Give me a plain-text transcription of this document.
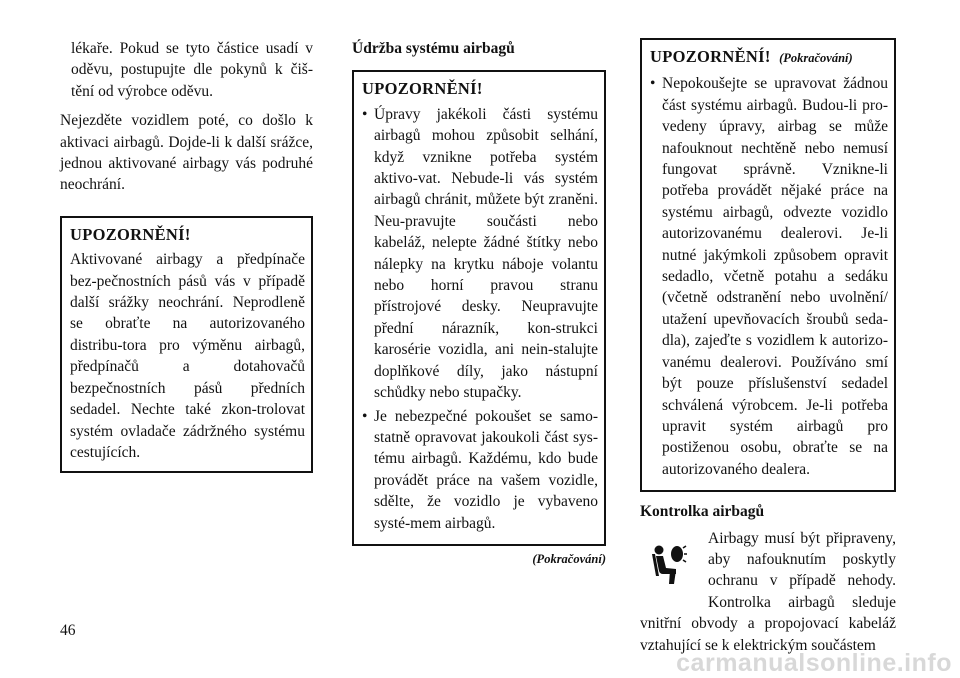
lékaře. Pokud se tyto částice usadí v oděvu, postupujte dle pokynů k čiš-tění od výrobce oděvu.

Nejezděte vozidlem poté, co došlo k aktivaci airbagů. Dojde-li k další srážce, jednou aktivované airbagy vás podruhé neochrání.

UPOZORNĚNÍ!

Aktivované airbagy a předpínače bez-pečnostních pásů vás v případě další srážky neochrání. Neprodleně se obraťte na autorizovaného distribu-tora pro výměnu airbagů, předpínačů a dotahovačů bezpečnostních pásů předních sedadel. Nechte také zkon-trolovat systém ovladače zádržného systému cestujících.

Údržba systému airbagů

UPOZORNĚNÍ!

• Úpravy jakékoli části systému airbagů mohou způsobit selhání, když vznikne potřeba systém aktivo-vat. Nebude-li vás systém airbagů chránit, můžete být zraněni. Neu-pravujte součásti nebo kabeláž, nelepte žádné štítky nebo nálepky na krytku náboje volantu nebo horní pravou stranu přístrojové desky. Neupravujte přední nárazník, kon-strukci karosérie vozidla, ani nein-stalujte doplňkové díly, jako nástupní schůdky nebo stupačky.
• Je nebezpečné pokoušet se samo-statně opravovat jakoukoli část sys-tému airbagů. Každému, kdo bude provádět práce na vašem vozidle, sdělte, že vozidlo je vybaveno systé-mem airbagů.

(Pokračování)

UPOZORNĚNÍ! (Pokračování)

• Nepokoušejte se upravovat žádnou část systému airbagů. Budou-li pro-vedeny úpravy, airbag se může nafouknout nechtěně nebo nemusí fungovat správně. Vznikne-li potřeba provádět nějaké práce na systému airbagů, odvezte vozidlo autorizovanému dealerovi. Je-li nutné jakýmkoli způsobem opravit sedadlo, včetně potahu a sedáku (včetně odstranění nebo uvolnění/ utažení upevňovacích šroubů seda-dla), zajeďte s vozidlem k autorizo-vanému dealerovi. Používáno smí být pouze příslušenství sedadel schválená výrobcem. Je-li potřeba upravit systém airbagů pro postiženou osobu, obraťte se na autorizovaného dealera.

Kontrolka airbagů

Airbagy musí být připraveny, aby nafouknutím poskytly ochranu v případě nehody. Kontrolka airbagů sleduje vnitřní obvody a propojovací kabeláž vztahující se k elektrickým součástem

46
carmanualsonline.info
